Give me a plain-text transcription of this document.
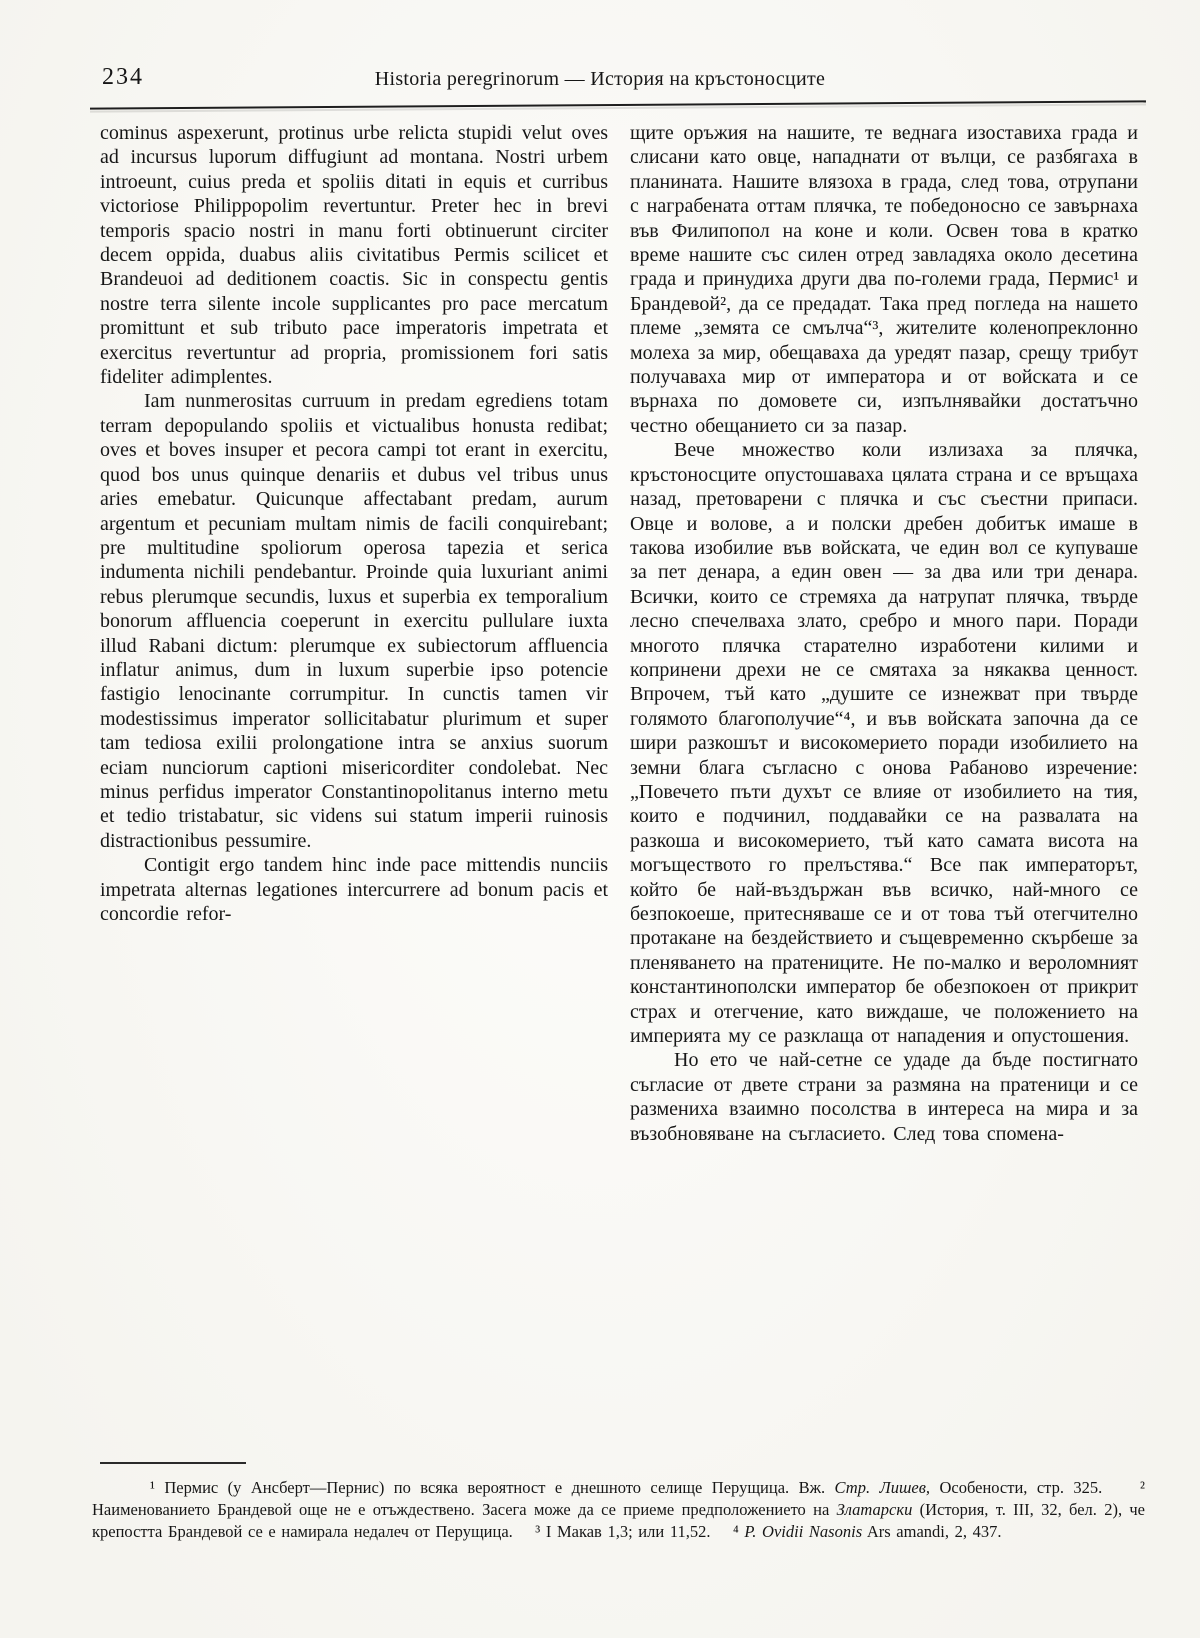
234	Historia peregrinorum — История на кръстоносците

cominus aspexerunt, protinus urbe relicta stupidi velut oves ad incursus luporum diffugiunt ad montana. Nostri urbem introeunt, cuius preda et spoliis ditati in equis et curribus victoriose Philippopolim revertuntur. Preter hec in brevi temporis spacio nostri in manu forti obtinuerunt circiter decem oppida, duabus aliis civitatibus Permis scilicet et Brandeuoi ad deditionem coactis. Sic in conspectu gentis nostre terra silente incole supplicantes pro pace mercatum promittunt et sub tributo pace imperatoris impetrata et exercitus revertuntur ad propria, promissionem fori satis fideliter adimplentes.

Iam nunmerositas curruum in predam egrediens totam terram depopulando spoliis et victualibus honusta redibat; oves et boves insuper et pecora campi tot erant in exercitu, quod bos unus quinque denariis et dubus vel tribus unus aries emebatur. Quicunque affectabant predam, aurum argentum et pecuniam multam nimis de facili conquirebant; pre multitudine spoliorum operosa tapezia et serica indumenta nichili pendebantur. Proinde quia luxuriant animi rebus plerumque secundis, luxus et superbia ex temporalium bonorum affluencia coeperunt in exercitu pullulare iuxta illud Rabani dictum: plerumque ex subiectorum affluencia inflatur animus, dum in luxum superbie ipso potencie fastigio lenocinante corrumpitur. In cunctis tamen vir modestissimus imperator sollicitabatur plurimum et super tam tediosa exilii prolongatione intra se anxius suorum eciam nunciorum captioni misericorditer condolebat. Nec minus perfidus imperator Constantinopolitanus interno metu et tedio tristabatur, sic videns sui statum imperii ruinosis distractionibus pessumire.

Contigit ergo tandem hinc inde pace mittendis nunciis impetrata alternas legationes intercurrere ad bonum pacis et concordie refor-

щите оръжия на нашите, те веднага изоставиха града и слисани като овце, нападнати от вълци, се разбягаха в планината. Нашите влязоха в града, след това, отрупани с награбената оттам плячка, те победоносно се завърнаха във Филипопол на коне и коли. Освен това в кратко време нашите със силен отред завладяха около десетина града и принудиха други два по-големи града, Пермис¹ и Брандевой², да се предадат. Така пред погледа на нашето племе „земята се смълча“³, жителите коленопреклонно молеха за мир, обещаваха да уредят пазар, срещу трибут получаваха мир от императора и от войската и се върнаха по домовете си, изпълнявайки достатъчно честно обещанието си за пазар.

Вече множество коли излизаха за плячка, кръстоносците опустошаваха цялата страна и се връщаха назад, претоварени с плячка и със съестни припаси. Овце и волове, а и полски дребен добитък имаше в такова изобилие във войската, че един вол се купуваше за пет денара, а един овен — за два или три денара. Всички, които се стремяха да натрупат плячка, твърде лесно спечелваха злато, сребро и много пари. Поради многото плячка старателно изработени килими и копринени дрехи не се смятаха за някаква ценност. Впрочем, тъй като „душите се изнежват при твърде голямото благополучие“⁴, и във войската започна да се шири разкошът и високомерието поради изобилието на земни блага съгласно с онова Рабаново изречение: „Повечето пъти духът се влияе от изобилието на тия, които е подчинил, поддавайки се на развалата на разкоша и високомерието, тъй като самата висота на могъществото го прелъстява.“ Все пак императорът, който бе най-въздържан във всичко, най-много се безпокоеше, притесняваше се и от това тъй отегчително протакане на бездействието и същевременно скърбеше за пленяването на пратениците. Не по-малко и вероломният константинополски император бе обезпокоен от прикрит страх и отегчение, като виждаше, че положението на империята му се разклаща от нападения и опустошения.

Но ето че най-сетне се удаде да бъде постигнато съгласие от двете страни за размяна на пратеници и се размениха взаимно посолства в интереса на мира и за възобновяване на съгласието. След това спомена-

¹ Пермис (у Ансберт—Пернис) по всяка вероятност е днешното селище Перущица. Вж. Стр. Лишев, Особености, стр. 325.    ² Наименованието Брандевой още не е отъждествено. Засега може да се приеме предположението на Златарски (История, т. III, 32, бел. 2), че крепостта Брандевой се е намирала недалеч от Перущица.    ³ I Макав 1,3; или 11,52.    ⁴ P. Ovidii Nasonis Ars amandi, 2, 437.
